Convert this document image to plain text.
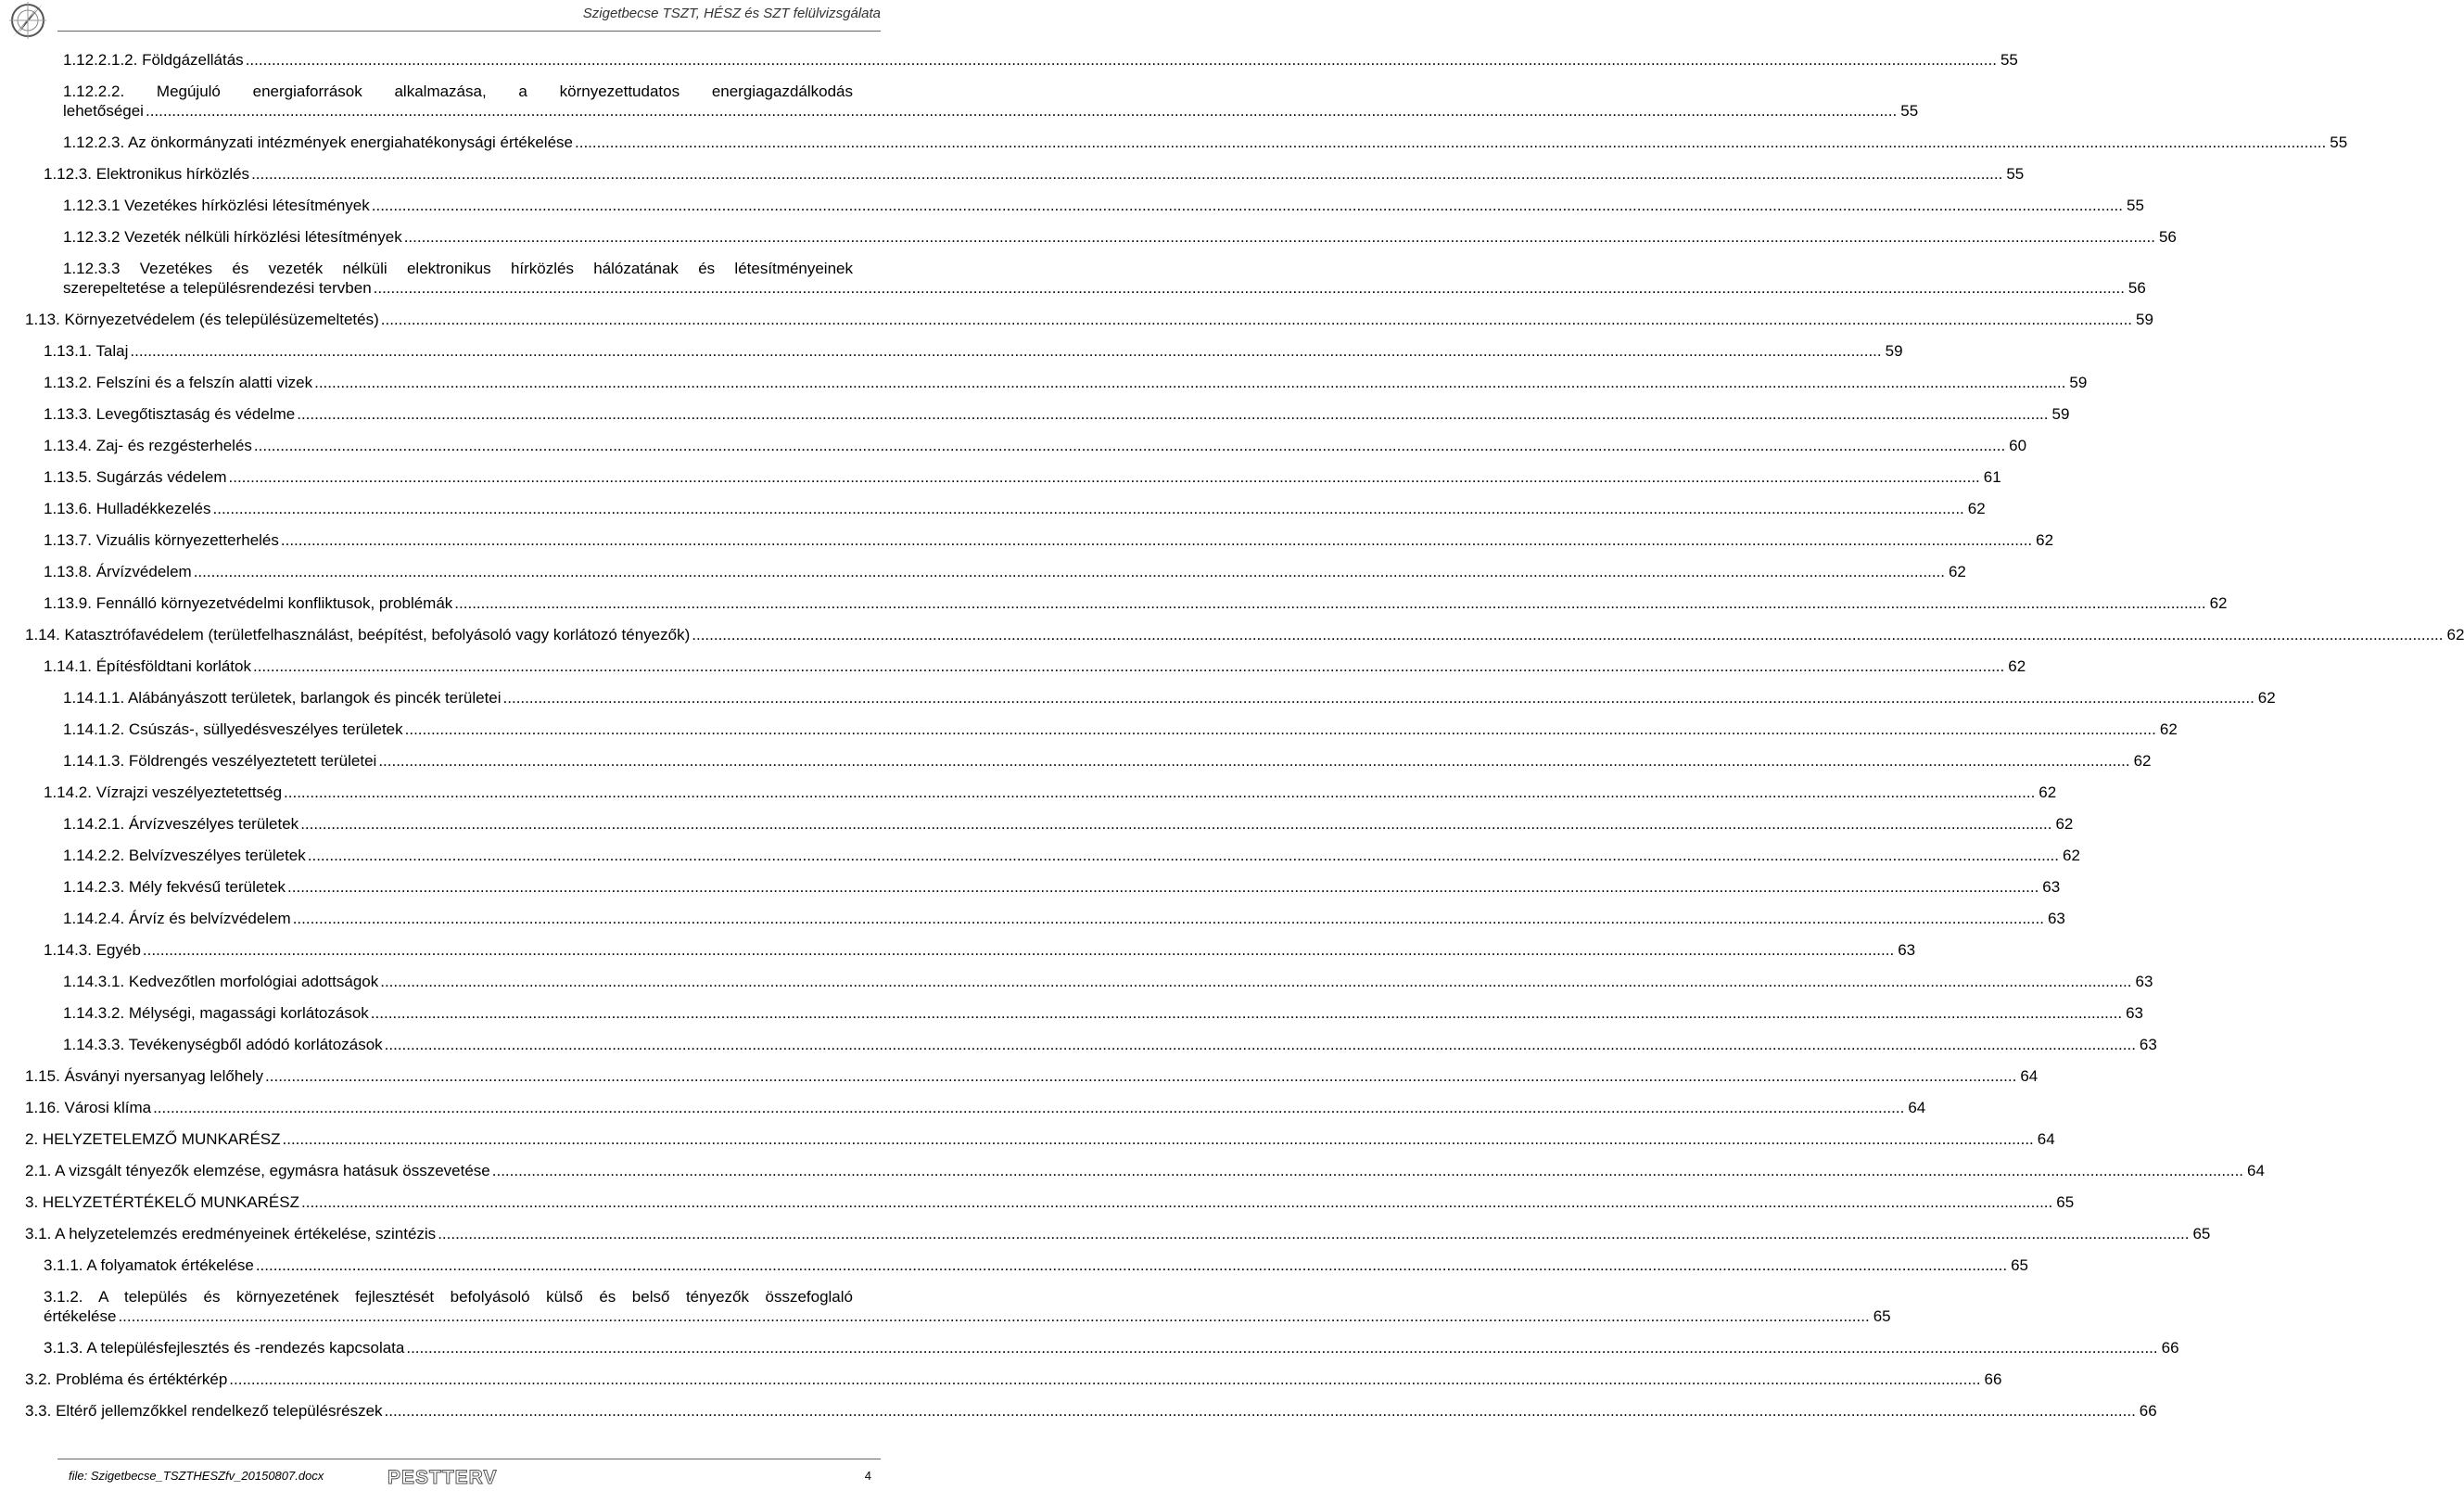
Szigetbecse TSZT, HÉSZ és SZT felülvizsgálata
1.12.2.1.2. Földgázellátás ................................................................................................................................................................................................................................................................................................................................................................................................................ 55
1.12.2.2. Megújuló energiaforrások alkalmazása, a környezettudatos energiagazdálkodás
lehetőségei ................................................................................................................................................................................................................................................................................................................................................................................................................ 55
1.12.2.3. Az önkormányzati intézmények energiahatékonysági értékelése ................................................................................................................................................................................................................................................................................................................................................................................................................ 55
1.12.3. Elektronikus hírközlés ................................................................................................................................................................................................................................................................................................................................................................................................................ 55
1.12.3.1 Vezetékes hírközlési létesítmények ................................................................................................................................................................................................................................................................................................................................................................................................................ 55
1.12.3.2 Vezeték nélküli hírközlési létesítmények ................................................................................................................................................................................................................................................................................................................................................................................................................ 56
1.12.3.3 Vezetékes és vezeték nélküli elektronikus hírközlés hálózatának és létesítményeinek
szerepeltetése a településrendezési tervben ................................................................................................................................................................................................................................................................................................................................................................................................................ 56
1.13. Környezetvédelem (és településüzemeltetés) ................................................................................................................................................................................................................................................................................................................................................................................................................ 59
1.13.1. Talaj ................................................................................................................................................................................................................................................................................................................................................................................................................ 59
1.13.2. Felszíni és a felszín alatti vizek ................................................................................................................................................................................................................................................................................................................................................................................................................ 59
1.13.3. Levegőtisztaság és védelme ................................................................................................................................................................................................................................................................................................................................................................................................................ 59
1.13.4. Zaj- és rezgésterhelés ................................................................................................................................................................................................................................................................................................................................................................................................................ 60
1.13.5. Sugárzás védelem ................................................................................................................................................................................................................................................................................................................................................................................................................ 61
1.13.6. Hulladékkezelés ................................................................................................................................................................................................................................................................................................................................................................................................................ 62
1.13.7. Vizuális környezetterhelés ................................................................................................................................................................................................................................................................................................................................................................................................................ 62
1.13.8. Árvízvédelem ................................................................................................................................................................................................................................................................................................................................................................................................................ 62
1.13.9. Fennálló környezetvédelmi konfliktusok, problémák ................................................................................................................................................................................................................................................................................................................................................................................................................ 62
1.14. Katasztrófavédelem (területfelhasználást, beépítést, befolyásoló vagy korlátozó tényezők) ................................................................................................................................................................................................................................................................................................................................................................................................................ 62
1.14.1. Építésföldtani korlátok ................................................................................................................................................................................................................................................................................................................................................................................................................ 62
1.14.1.1. Alábányászott területek, barlangok és pincék területei ................................................................................................................................................................................................................................................................................................................................................................................................................ 62
1.14.1.2. Csúszás-, süllyedésveszélyes területek ................................................................................................................................................................................................................................................................................................................................................................................................................ 62
1.14.1.3. Földrengés veszélyeztetett területei ................................................................................................................................................................................................................................................................................................................................................................................................................ 62
1.14.2. Vízrajzi veszélyeztetettség ................................................................................................................................................................................................................................................................................................................................................................................................................ 62
1.14.2.1. Árvízveszélyes területek ................................................................................................................................................................................................................................................................................................................................................................................................................ 62
1.14.2.2. Belvízveszélyes területek ................................................................................................................................................................................................................................................................................................................................................................................................................ 62
1.14.2.3. Mély fekvésű területek ................................................................................................................................................................................................................................................................................................................................................................................................................ 63
1.14.2.4. Árvíz és belvízvédelem ................................................................................................................................................................................................................................................................................................................................................................................................................ 63
1.14.3. Egyéb ................................................................................................................................................................................................................................................................................................................................................................................................................ 63
1.14.3.1. Kedvezőtlen morfológiai adottságok ................................................................................................................................................................................................................................................................................................................................................................................................................ 63
1.14.3.2. Mélységi, magassági korlátozások ................................................................................................................................................................................................................................................................................................................................................................................................................ 63
1.14.3.3. Tevékenységből adódó korlátozások ................................................................................................................................................................................................................................................................................................................................................................................................................ 63
1.15. Ásványi nyersanyag lelőhely ................................................................................................................................................................................................................................................................................................................................................................................................................ 64
1.16. Városi klíma ................................................................................................................................................................................................................................................................................................................................................................................................................ 64
2. HELYZETELEMZŐ MUNKARÉSZ ................................................................................................................................................................................................................................................................................................................................................................................................................ 64
2.1. A vizsgált tényezők elemzése, egymásra hatásuk összevetése ................................................................................................................................................................................................................................................................................................................................................................................................................ 64
3. HELYZETÉRTÉKELŐ MUNKARÉSZ ................................................................................................................................................................................................................................................................................................................................................................................................................ 65
3.1. A helyzetelemzés eredményeinek értékelése, szintézis ................................................................................................................................................................................................................................................................................................................................................................................................................ 65
3.1.1. A folyamatok értékelése ................................................................................................................................................................................................................................................................................................................................................................................................................ 65
3.1.2. A település és környezetének fejlesztését befolyásoló külső és belső tényezők összefoglaló
értékelése ................................................................................................................................................................................................................................................................................................................................................................................................................ 65
3.1.3. A településfejlesztés és -rendezés kapcsolata ................................................................................................................................................................................................................................................................................................................................................................................................................ 66
3.2. Probléma és értéktérkép ................................................................................................................................................................................................................................................................................................................................................................................................................ 66
3.3. Eltérő jellemzőkkel rendelkező településrészek ................................................................................................................................................................................................................................................................................................................................................................................................................ 66
file: Szigetbecse_TSZTHESZfv_20150807.docx	PESTTERV	4
